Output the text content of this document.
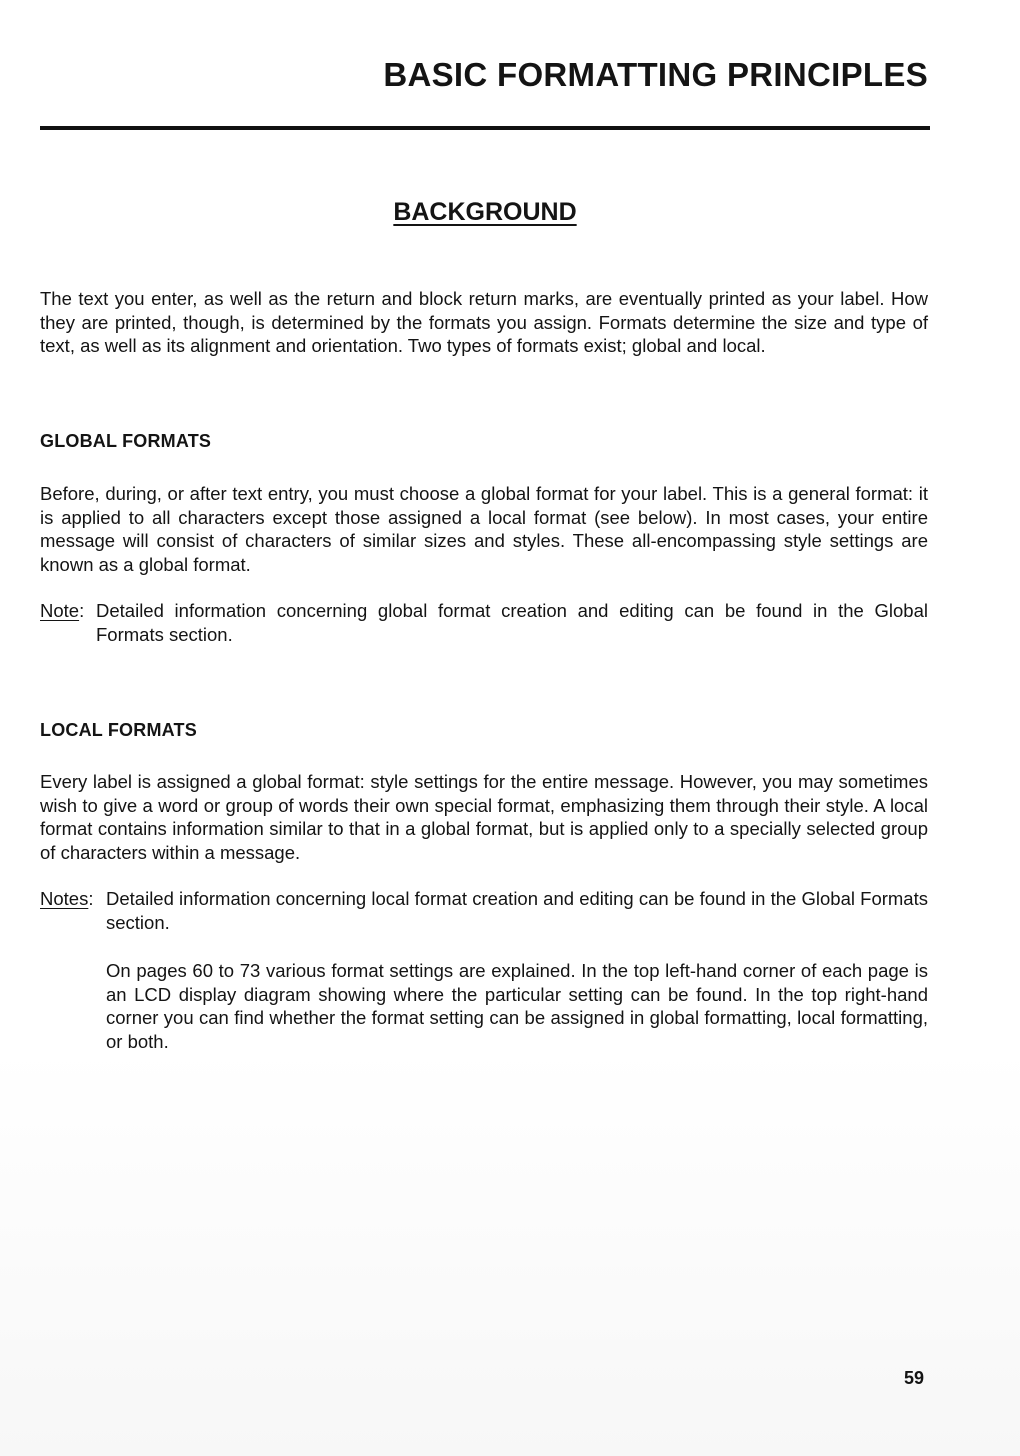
BASIC FORMATTING PRINCIPLES
BACKGROUND

The text you enter, as well as the return and block return marks, are eventually printed as your label. How they are printed, though, is determined by the formats you assign. Formats determine the size and type of text, as well as its alignment and orientation. Two types of formats exist; global and local.

GLOBAL FORMATS

Before, during, or after text entry, you must choose a global format for your label. This is a general format: it is applied to all characters except those assigned a local format (see below). In most cases, your entire message will consist of characters of similar sizes and styles. These all-encompassing style settings are known as a global format.

Note: Detailed information concerning global format creation and editing can be found in the Global Formats section.

LOCAL FORMATS

Every label is assigned a global format: style settings for the entire message. However, you may sometimes wish to give a word or group of words their own special format, emphasizing them through their style. A local format contains information similar to that in a global format, but is applied only to a specially selected group of characters within a message.

Notes: Detailed information concerning local format creation and editing can be found in the Global Formats section.

On pages 60 to 73 various format settings are explained. In the top left-hand corner of each page is an LCD display diagram showing where the particular setting can be found. In the top right-hand corner you can find whether the format setting can be assigned in global formatting, local formatting, or both.

59
